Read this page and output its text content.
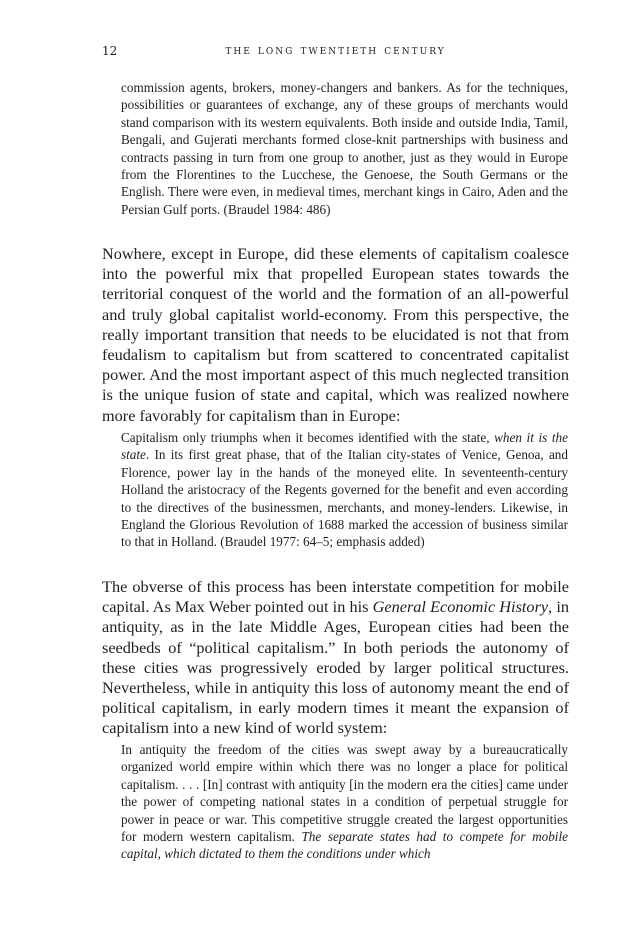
12	the long twentieth century

commission agents, brokers, money-changers and bankers. As for the techniques, possibilities or guarantees of exchange, any of these groups of merchants would stand comparison with its western equivalents. Both inside and outside India, Tamil, Bengali, and Gujerati merchants formed close-knit partnerships with business and contracts passing in turn from one group to another, just as they would in Europe from the Florentines to the Lucchese, the Genoese, the South Germans or the English. There were even, in medieval times, merchant kings in Cairo, Aden and the Persian Gulf ports. (Braudel 1984: 486)

Nowhere, except in Europe, did these elements of capitalism coalesce into the powerful mix that propelled European states towards the territorial conquest of the world and the formation of an all-powerful and truly global capitalist world-economy. From this perspective, the really important transition that needs to be elucidated is not that from feudalism to capitalism but from scattered to concentrated capitalist power. And the most important aspect of this much neglected transition is the unique fusion of state and capital, which was realized nowhere more favorably for capitalism than in Europe:

Capitalism only triumphs when it becomes identified with the state, when it is the state. In its first great phase, that of the Italian city-states of Venice, Genoa, and Florence, power lay in the hands of the moneyed elite. In seventeenth-century Holland the aristocracy of the Regents governed for the benefit and even according to the directives of the businessmen, merchants, and money-lenders. Likewise, in England the Glorious Revolution of 1688 marked the accession of business similar to that in Holland. (Braudel 1977: 64–5; emphasis added)

The obverse of this process has been interstate competition for mobile capital. As Max Weber pointed out in his General Economic History, in antiquity, as in the late Middle Ages, European cities had been the seedbeds of “political capitalism.” In both periods the autonomy of these cities was progressively eroded by larger political structures. Nevertheless, while in antiquity this loss of autonomy meant the end of political capitalism, in early modern times it meant the expansion of capitalism into a new kind of world system:

In antiquity the freedom of the cities was swept away by a bureaucratically organized world empire within which there was no longer a place for political capitalism. . . . [In] contrast with antiquity [in the modern era the cities] came under the power of competing national states in a condition of perpetual struggle for power in peace or war. This competitive struggle created the largest opportunities for modern western capitalism. The separate states had to compete for mobile capital, which dictated to them the conditions under which
